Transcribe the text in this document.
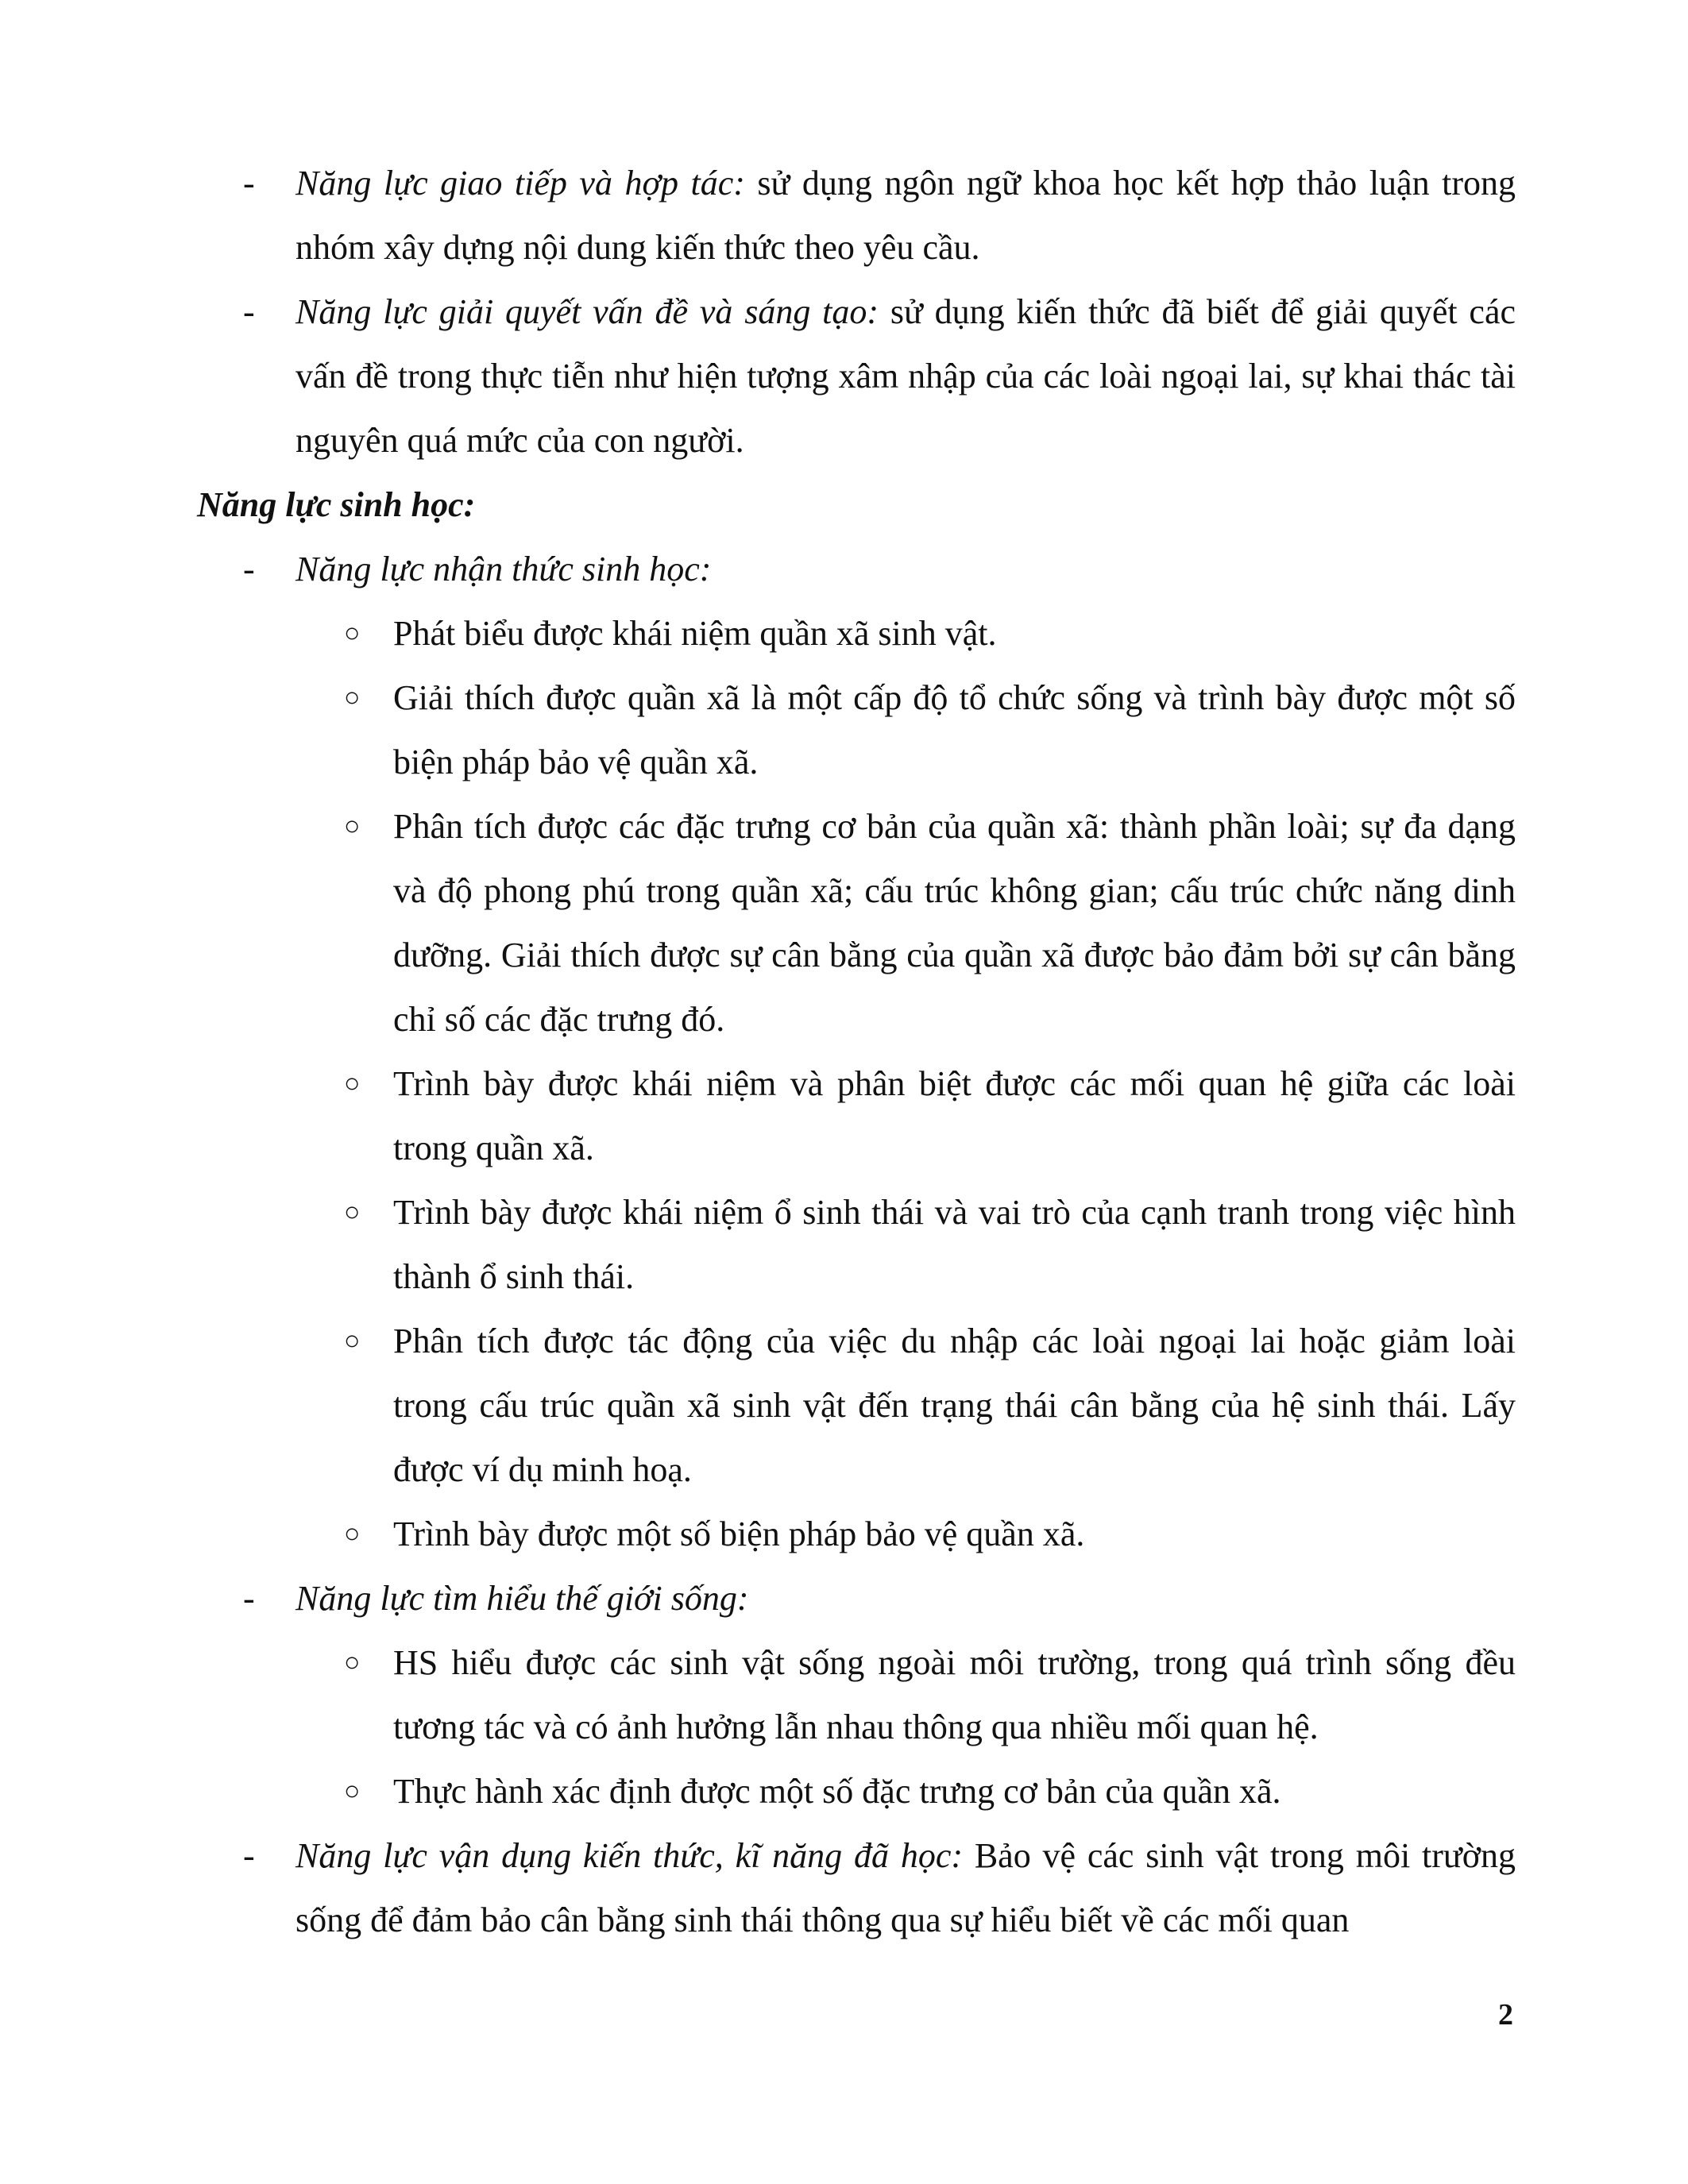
-	Năng lực giao tiếp và hợp tác: sử dụng ngôn ngữ khoa học kết hợp thảo luận trong nhóm xây dựng nội dung kiến thức theo yêu cầu.
-	Năng lực giải quyết vấn đề và sáng tạo: sử dụng kiến thức đã biết để giải quyết các vấn đề trong thực tiễn như hiện tượng xâm nhập của các loài ngoại lai, sự khai thác tài nguyên quá mức của con người.
Năng lực sinh học:
-	Năng lực nhận thức sinh học:
○ Phát biểu được khái niệm quần xã sinh vật.
○ Giải thích được quần xã là một cấp độ tổ chức sống và trình bày được một số biện pháp bảo vệ quần xã.
○ Phân tích được các đặc trưng cơ bản của quần xã: thành phần loài; sự đa dạng và độ phong phú trong quần xã; cấu trúc không gian; cấu trúc chức năng dinh dưỡng. Giải thích được sự cân bằng của quần xã được bảo đảm bởi sự cân bằng chỉ số các đặc trưng đó.
○ Trình bày được khái niệm và phân biệt được các mối quan hệ giữa các loài trong quần xã.
○ Trình bày được khái niệm ổ sinh thái và vai trò của cạnh tranh trong việc hình thành ổ sinh thái.
○ Phân tích được tác động của việc du nhập các loài ngoại lai hoặc giảm loài trong cấu trúc quần xã sinh vật đến trạng thái cân bằng của hệ sinh thái. Lấy được ví dụ minh hoạ.
○ Trình bày được một số biện pháp bảo vệ quần xã.
-	Năng lực tìm hiểu thế giới sống:
○ HS hiểu được các sinh vật sống ngoài môi trường, trong quá trình sống đều tương tác và có ảnh hưởng lẫn nhau thông qua nhiều mối quan hệ.
○ Thực hành xác định được một số đặc trưng cơ bản của quần xã.
-	Năng lực vận dụng kiến thức, kĩ năng đã học: Bảo vệ các sinh vật trong môi trường sống để đảm bảo cân bằng sinh thái thông qua sự hiểu biết về các mối quan
2
